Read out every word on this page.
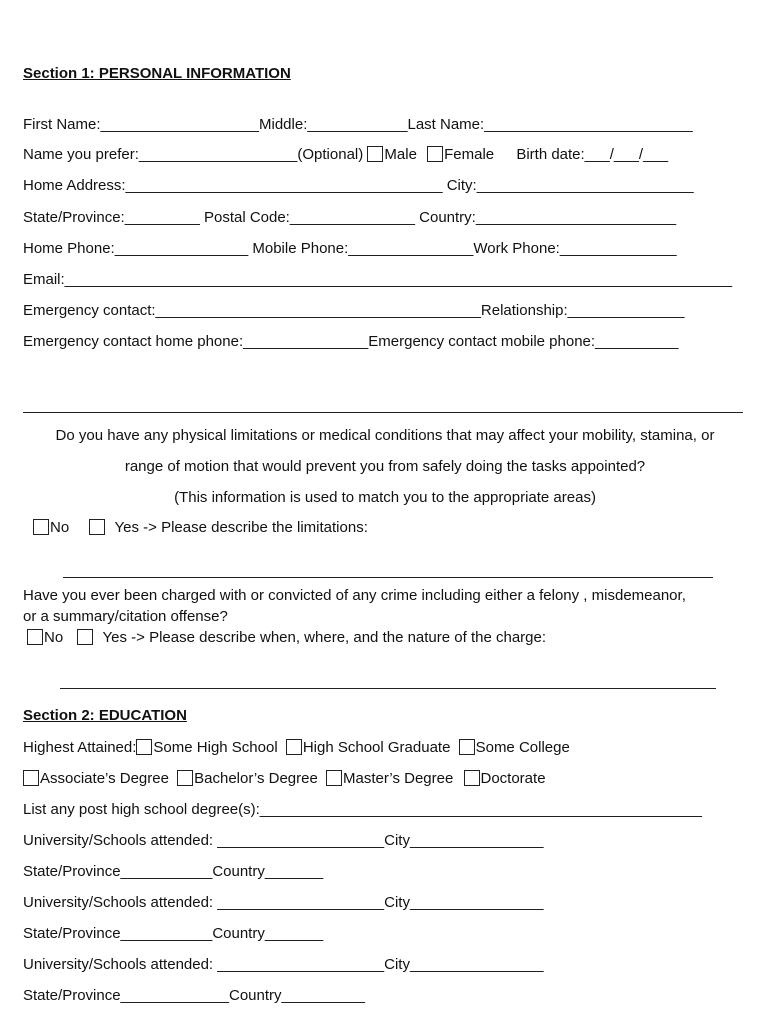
Section 1: PERSONAL INFORMATION
First Name:___________________Middle:____________Last Name:_________________________
Name you prefer:___________________(Optional) Male Female Birth date:___/___/___
Home Address:______________________________________ City:__________________________
State/Province:_________ Postal Code:_______________ Country:________________________
Home Phone:________________ Mobile Phone:_______________Work Phone:______________
Email:________________________________________________________________________________
Emergency contact:_______________________________________Relationship:______________
Emergency contact home phone:_______________Emergency contact mobile phone:__________
Do you have any physical limitations or medical conditions that may affect your mobility, stamina, or
range of motion that would prevent you from safely doing the tasks appointed?
(This information is used to match you to the appropriate areas)
No	Yes -> Please describe the limitations:
Have you ever been charged with or convicted of any crime including either a felony , misdemeanor,
or a summary/citation offense?
No	Yes -> Please describe when, where, and the nature of the charge:
Section 2: EDUCATION
Highest Attained: Some High School High School Graduate Some College
Associate’s Degree Bachelor’s Degree Master’s Degree Doctorate
List any post high school degree(s):_____________________________________________________
University/Schools attended: ____________________City________________
State/Province___________Country_______
University/Schools attended: ____________________City________________
State/Province___________Country_______
University/Schools attended: ____________________City________________
State/Province_____________Country__________
